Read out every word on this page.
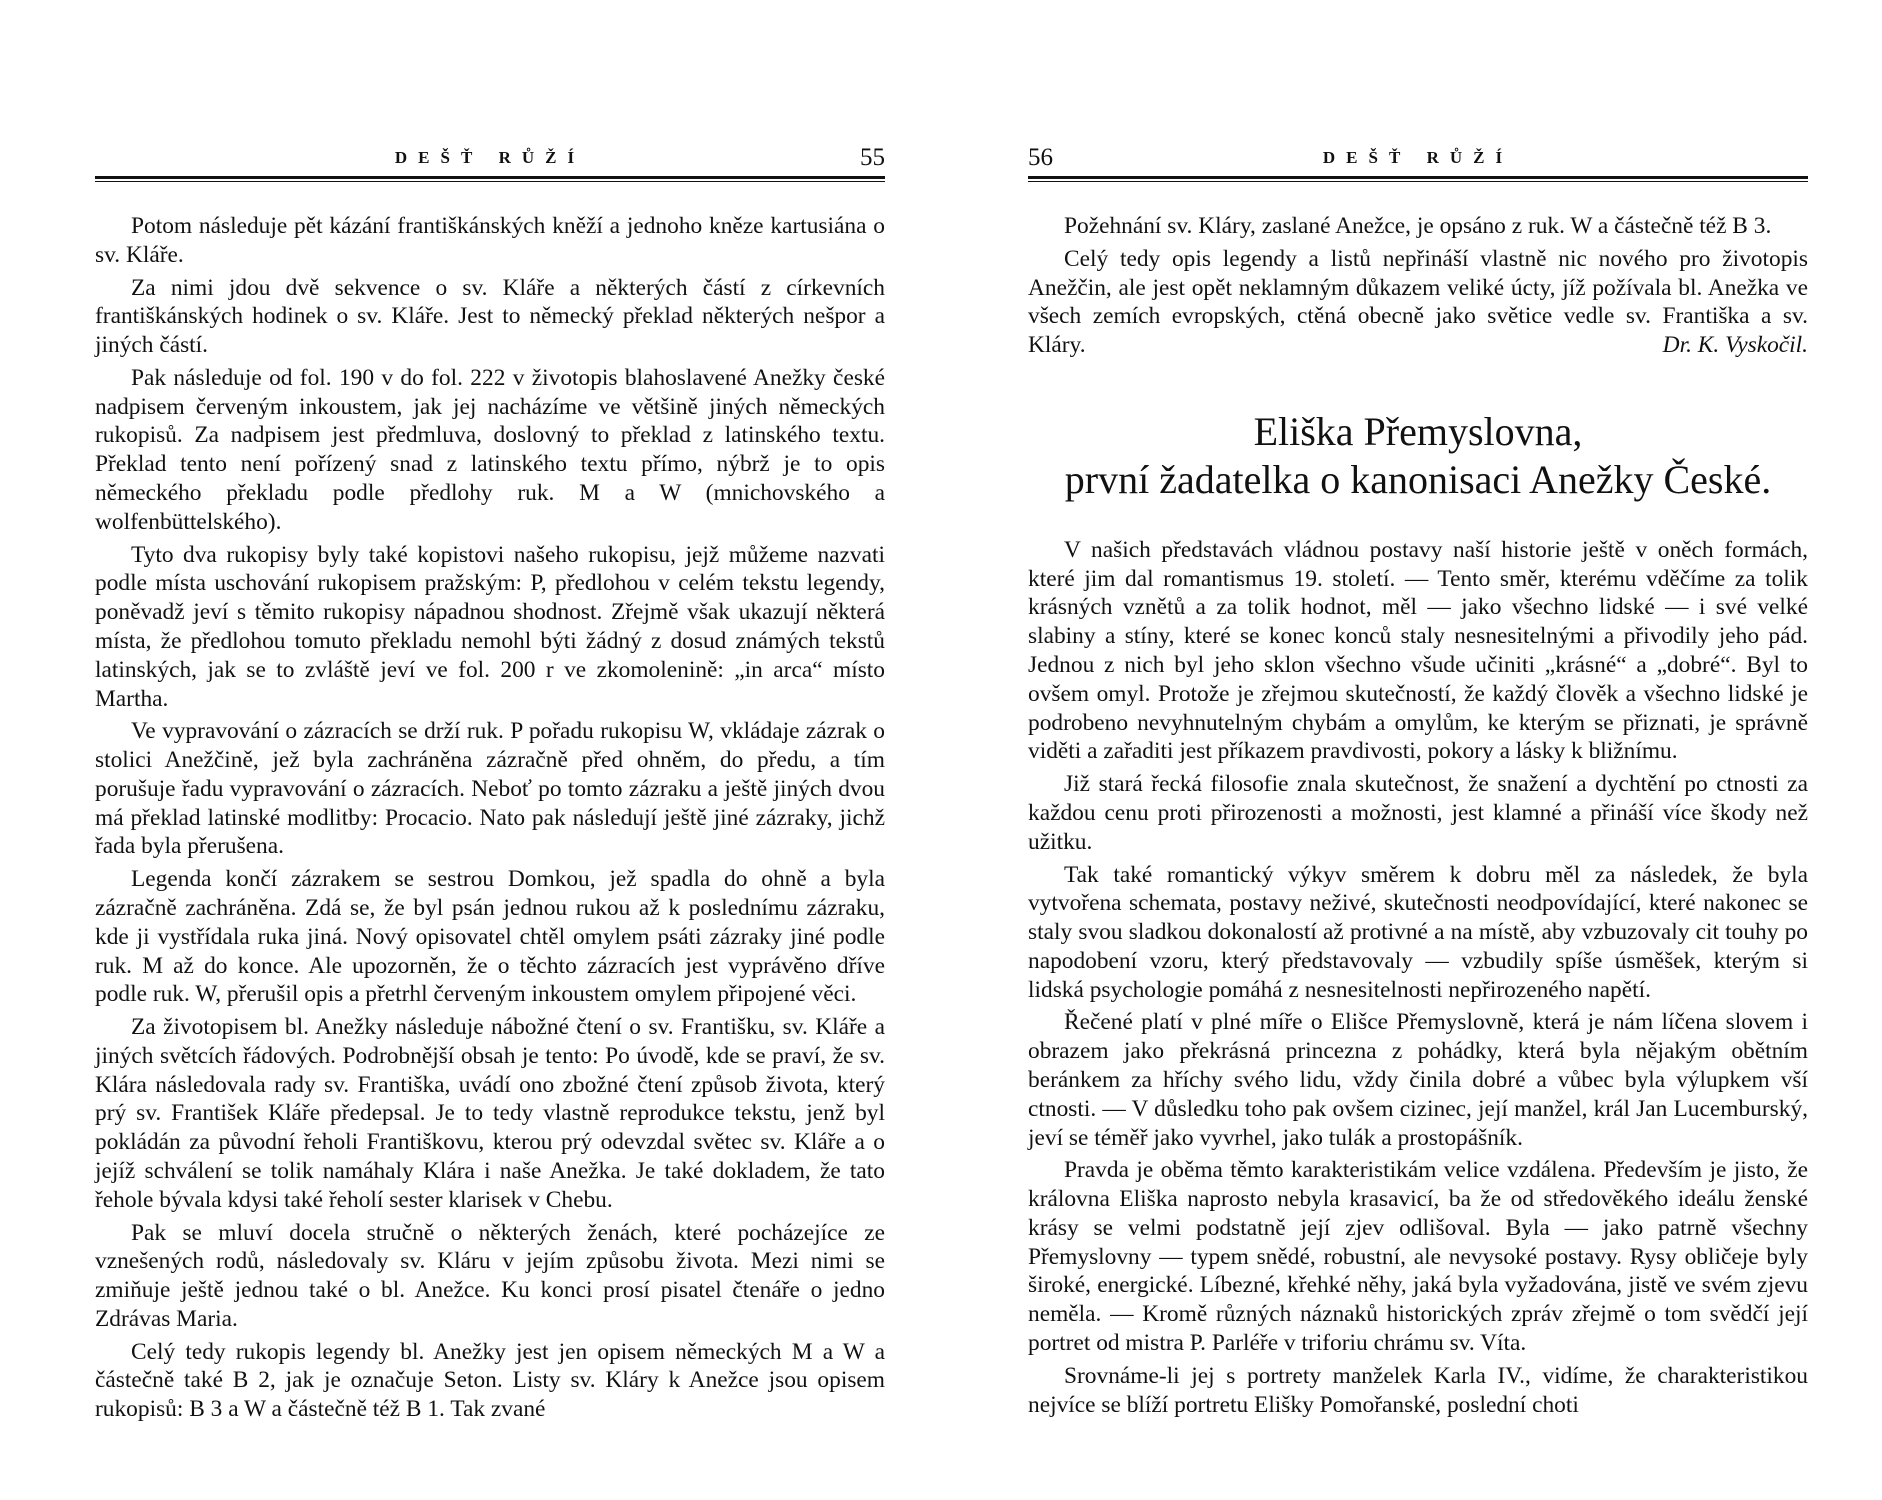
DEŠŤ RŮŽÍ	55

Potom následuje pět kázání františkánských kněží a jednoho kněze kartusiána o sv. Kláře.

Za nimi jdou dvě sekvence o sv. Kláře a některých částí z církevních františkánských hodinek o sv. Kláře. Jest to německý překlad některých nešpor a jiných částí.

Pak následuje od fol. 190 v do fol. 222 v životopis blahoslavené Anežky české nadpisem červeným inkoustem, jak jej nacházíme ve většině jiných německých rukopisů. Za nadpisem jest předmluva, doslovný to překlad z latinského textu. Překlad tento není pořízený snad z latinského textu přímo, nýbrž je to opis německého překladu podle předlohy ruk. M a W (mnichovského a wolfenbüttelského).

Tyto dva rukopisy byly také kopistovi našeho rukopisu, jejž můžeme nazvati podle místa uschování rukopisem pražským: P, předlohou v celém tekstu legendy, poněvadž jeví s těmito rukopisy nápadnou shodnost. Zřejmě však ukazují některá místa, že předlohou tomuto překladu nemohl býti žádný z dosud známých tekstů latinských, jak se to zvláště jeví ve fol. 200 r ve zkomolenině: „in arca“ místo Martha.

Ve vypravování o zázracích se drží ruk. P pořadu rukopisu W, vkládaje zázrak o stolici Anežčině, jež byla zachráněna zázračně před ohněm, do předu, a tím porušuje řadu vypravování o zázracích. Neboť po tomto zázraku a ještě jiných dvou má překlad latinské modlitby: Procacio. Nato pak následují ještě jiné zázraky, jichž řada byla přerušena.

Legenda končí zázrakem se sestrou Domkou, jež spadla do ohně a byla zázračně zachráněna. Zdá se, že byl psán jednou rukou až k poslednímu zázraku, kde ji vystřídala ruka jiná. Nový opisovatel chtěl omylem psáti zázraky jiné podle ruk. M až do konce. Ale upozorněn, že o těchto zázracích jest vyprávěno dříve podle ruk. W, přerušil opis a přetrhl červeným inkoustem omylem připojené věci.

Za životopisem bl. Anežky následuje nábožné čtení o sv. Františku, sv. Kláře a jiných světcích řádových. Podrobnější obsah je tento: Po úvodě, kde se praví, že sv. Klára následovala rady sv. Františka, uvádí ono zbožné čtení způsob života, který prý sv. František Kláře předepsal. Je to tedy vlastně reprodukce tekstu, jenž byl pokládán za původní řeholi Františkovu, kterou prý odevzdal světec sv. Kláře a o jejíž schválení se tolik namáhaly Klára i naše Anežka. Je také dokladem, že tato řehole bývala kdysi také řeholí sester klarisek v Chebu.

Pak se mluví docela stručně o některých ženách, které pocházejíce ze vznešených rodů, následovaly sv. Kláru v jejím způsobu života. Mezi nimi se zmiňuje ještě jednou také o bl. Anežce. Ku konci prosí pisatel čtenáře o jedno Zdrávas Maria.

Celý tedy rukopis legendy bl. Anežky jest jen opisem německých M a W a částečně také B 2, jak je označuje Seton. Listy sv. Kláry k Anežce jsou opisem rukopisů: B 3 a W a částečně též B 1. Tak zvané

56	DEŠŤ RŮŽÍ

Požehnání sv. Kláry, zaslané Anežce, je opsáno z ruk. W a částečně též B 3.

Celý tedy opis legendy a listů nepřináší vlastně nic nového pro životopis Anežčin, ale jest opět neklamným důkazem veliké úcty, jíž požívala bl. Anežka ve všech zemích evropských, ctěná obecně jako světice vedle sv. Františka a sv. Kláry.	Dr. K. Vyskočil.

Eliška Přemyslovna,
první žadatelka o kanonisaci Anežky České.

V našich představách vládnou postavy naší historie ještě v oněch formách, které jim dal romantismus 19. století. — Tento směr, kterému vděčíme za tolik krásných vznětů a za tolik hodnot, měl — jako všechno lidské — i své velké slabiny a stíny, které se konec konců staly nesnesitelnými a přivodily jeho pád. Jednou z nich byl jeho sklon všechno všude učiniti „krásné“ a „dobré“. Byl to ovšem omyl. Protože je zřejmou skutečností, že každý člověk a všechno lidské je podrobeno nevyhnutelným chybám a omylům, ke kterým se přiznati, je správně viděti a zařaditi jest příkazem pravdivosti, pokory a lásky k bližnímu.

Již stará řecká filosofie znala skutečnost, že snažení a dychtění po ctnosti za každou cenu proti přirozenosti a možnosti, jest klamné a přináší více škody než užitku.

Tak také romantický výkyv směrem k dobru měl za následek, že byla vytvořena schemata, postavy neživé, skutečnosti neodpovídající, které nakonec se staly svou sladkou dokonalostí až protivné a na místě, aby vzbuzovaly cit touhy po napodobení vzoru, který představovaly — vzbudily spíše úsměšek, kterým si lidská psychologie pomáhá z nesnesitelnosti nepřirozeného napětí.

Řečené platí v plné míře o Elišce Přemyslovně, která je nám líčena slovem i obrazem jako překrásná princezna z pohádky, která byla nějakým obětním beránkem za hříchy svého lidu, vždy činila dobré a vůbec byla výlupkem vší ctnosti. — V důsledku toho pak ovšem cizinec, její manžel, král Jan Lucemburský, jeví se téměř jako vyvrhel, jako tulák a prostopášník.

Pravda je oběma těmto karakteristikám velice vzdálena. Především je jisto, že královna Eliška naprosto nebyla krasavicí, ba že od středověkého ideálu ženské krásy se velmi podstatně její zjev odlišoval. Byla — jako patrně všechny Přemyslovny — typem snědé, robustní, ale nevysoké postavy. Rysy obličeje byly široké, energické. Líbezné, křehké něhy, jaká byla vyžadována, jistě ve svém zjevu neměla. — Kromě různých náznaků historických zpráv zřejmě o tom svědčí její portret od mistra P. Parléře v triforiu chrámu sv. Víta.

Srovnáme-li jej s portrety manželek Karla IV., vidíme, že charakteristikou nejvíce se blíží portretu Elišky Pomořanské, poslední choti
